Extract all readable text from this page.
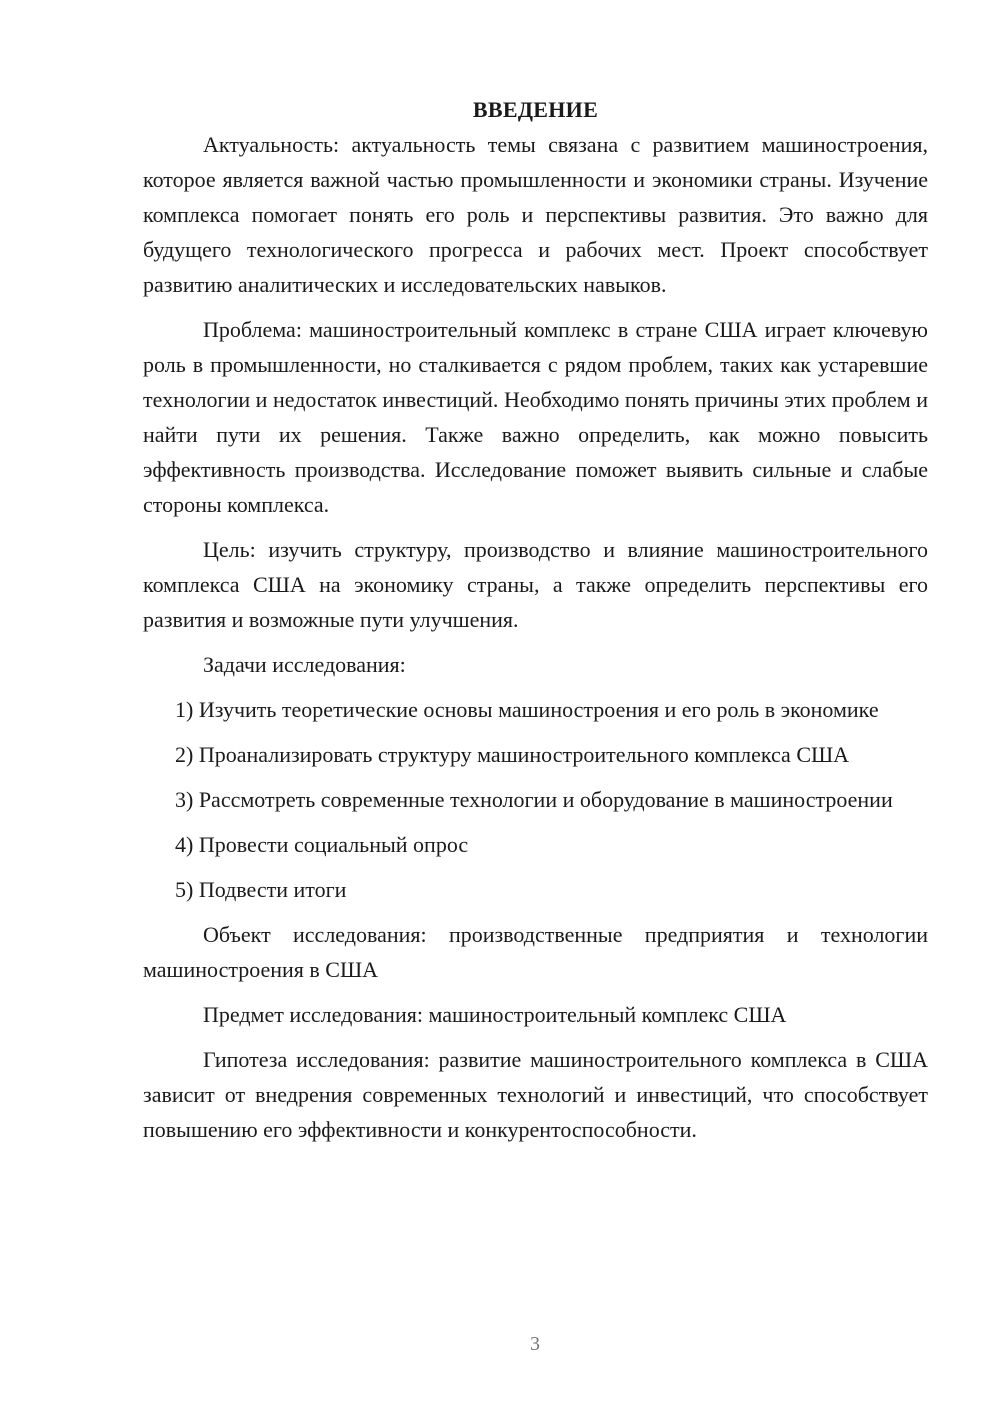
ВВЕДЕНИЕ

Актуальность: актуальность темы связана с развитием машиностроения, которое является важной частью промышленности и экономики страны. Изучение комплекса помогает понять его роль и перспективы развития. Это важно для будущего технологического прогресса и рабочих мест. Проект способствует развитию аналитических и исследовательских навыков.

Проблема: машиностроительный комплекс в стране США играет ключевую роль в промышленности, но сталкивается с рядом проблем, таких как устаревшие технологии и недостаток инвестиций. Необходимо понять причины этих проблем и найти пути их решения. Также важно определить, как можно повысить эффективность производства. Исследование поможет выявить сильные и слабые стороны комплекса.

Цель: изучить структуру, производство и влияние машиностроительного комплекса США на экономику страны, а также определить перспективы его развития и возможные пути улучшения.

Задачи исследования:

1) Изучить теоретические основы машиностроения и его роль в экономике

2) Проанализировать структуру машиностроительного комплекса США

3) Рассмотреть современные технологии и оборудование в машиностроении

4) Провести социальный опрос

5) Подвести итоги

Объект исследования: производственные предприятия и технологии машиностроения в США

Предмет исследования: машиностроительный комплекс США

Гипотеза исследования: развитие машиностроительного комплекса в США зависит от внедрения современных технологий и инвестиций, что способствует повышению его эффективности и конкурентоспособности.

3
